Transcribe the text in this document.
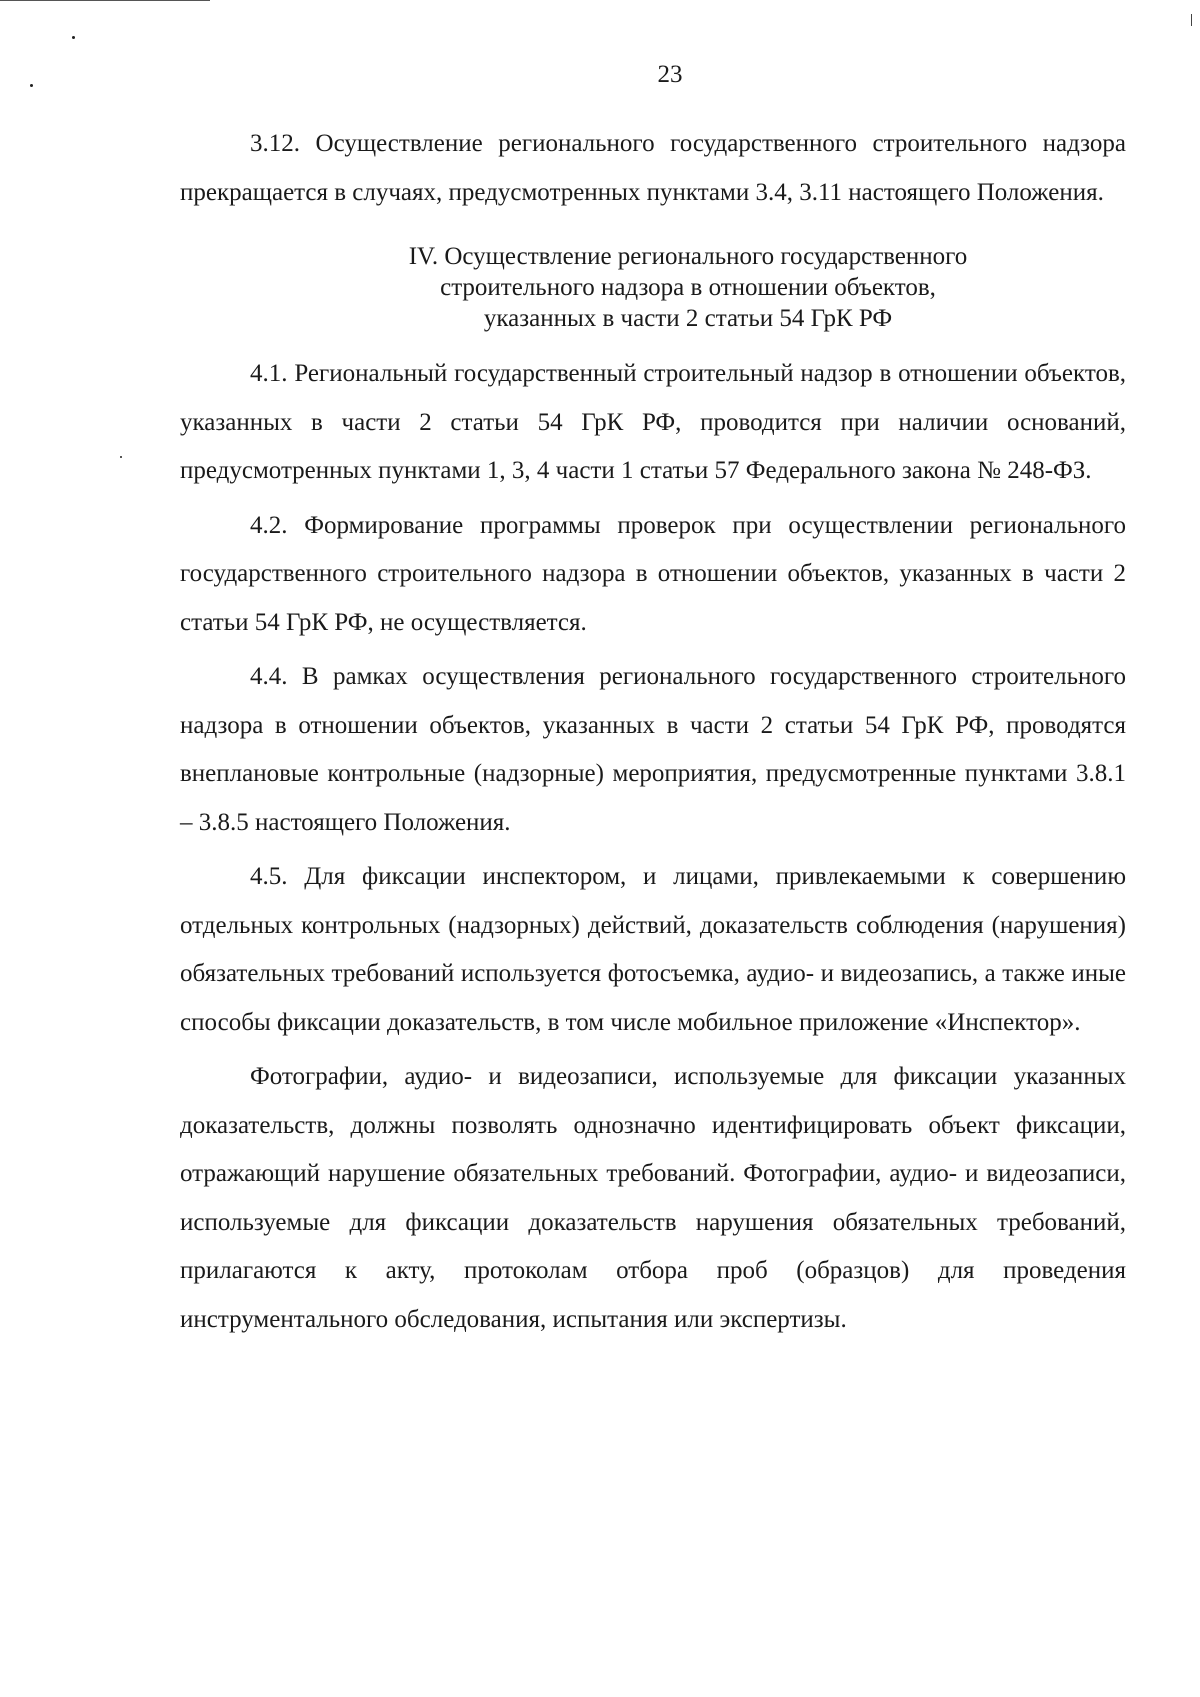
23

3.12. Осуществление регионального государственного строительного надзора прекращается в случаях, предусмотренных пунктами 3.4, 3.11 настоящего Положения.

IV. Осуществление регионального государственного
строительного надзора в отношении объектов,
указанных в части 2 статьи 54 ГрК РФ

4.1. Региональный государственный строительный надзор в отношении объектов, указанных в части 2 статьи 54 ГрК РФ, проводится при наличии оснований, предусмотренных пунктами 1, 3, 4 части 1 статьи 57 Федерального закона № 248-ФЗ.

4.2. Формирование программы проверок при осуществлении регионального государственного строительного надзора в отношении объектов, указанных в части 2 статьи 54 ГрК РФ, не осуществляется.

4.4. В рамках осуществления регионального государственного строительного надзора в отношении объектов, указанных в части 2 статьи 54 ГрК РФ, проводятся внеплановые контрольные (надзорные) мероприятия, предусмотренные пунктами 3.8.1 – 3.8.5 настоящего Положения.

4.5. Для фиксации инспектором, и лицами, привлекаемыми к совершению отдельных контрольных (надзорных) действий, доказательств соблюдения (нарушения) обязательных требований используется фотосъемка, аудио- и видеозапись, а также иные способы фиксации доказательств, в том числе мобильное приложение «Инспектор».

Фотографии, аудио- и видеозаписи, используемые для фиксации указанных доказательств, должны позволять однозначно идентифицировать объект фиксации, отражающий нарушение обязательных требований. Фотографии, аудио- и видеозаписи, используемые для фиксации доказательств нарушения обязательных требований, прилагаются к акту, протоколам отбора проб (образцов) для проведения инструментального обследования, испытания или экспертизы.
